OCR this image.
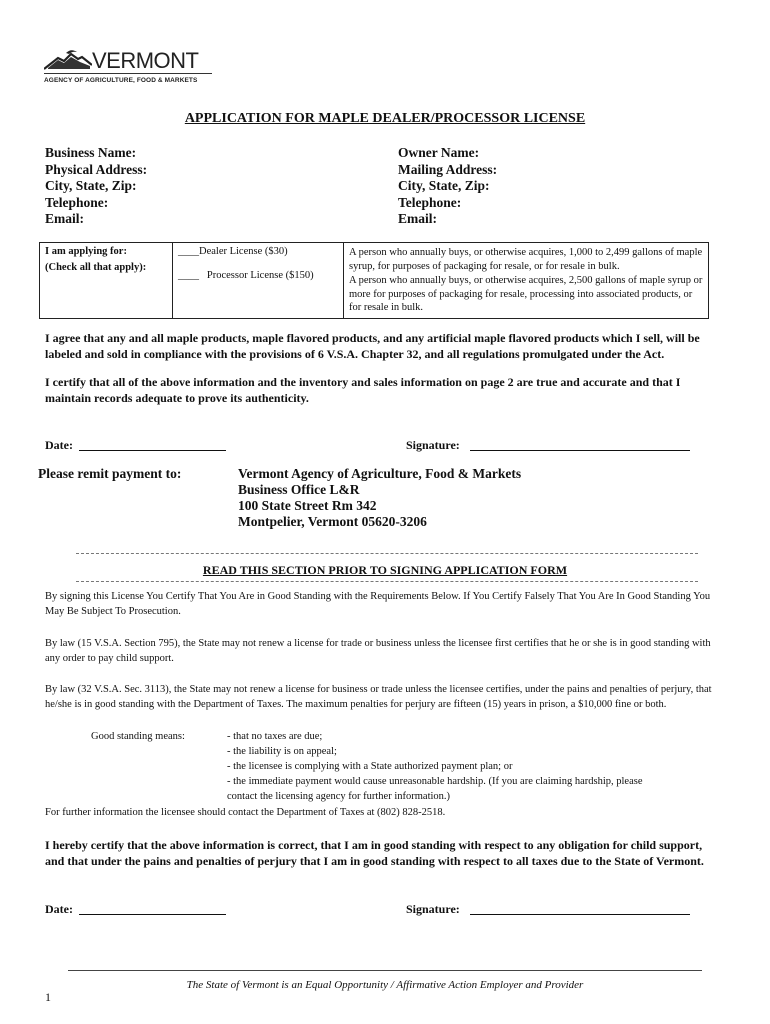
VERMONT
AGENCY OF AGRICULTURE, FOOD & MARKETS
APPLICATION FOR MAPLE DEALER/PROCESSOR LICENSE
Business Name:
Physical Address:
City, State, Zip:
Telephone:
Email:
Owner Name:
Mailing Address:
City, State, Zip:
Telephone:
Email:
I am applying for:
(Check all that apply):

____Dealer License ($30)
____ Processor License ($150)

A person who annually buys, or otherwise acquires, 1,000 to 2,499 gallons of maple syrup, for purposes of packaging for resale, or for resale in bulk.
A person who annually buys, or otherwise acquires, 2,500 gallons of maple syrup or more for purposes of packaging for resale, processing into associated products, or for resale in bulk.
I agree that any and all maple products, maple flavored products, and any artificial maple flavored products which I sell, will be labeled and sold in compliance with the provisions of 6 V.S.A. Chapter 32, and all regulations promulgated under the Act.
I certify that all of the above information and the inventory and sales information on page 2 are true and accurate and that I maintain records adequate to prove its authenticity.
Date:	Signature:
Please remit payment to:	Vermont Agency of Agriculture, Food & Markets
Business Office L&R
100 State Street Rm 342
Montpelier, Vermont 05620-3206
READ THIS SECTION PRIOR TO SIGNING APPLICATION FORM
By signing this License You Certify That You Are in Good Standing with the Requirements Below. If You Certify Falsely That You Are In Good Standing You May Be Subject To Prosecution.
By law (15 V.S.A. Section 795), the State may not renew a license for trade or business unless the licensee first certifies that he or she is in good standing with any order to pay child support.
By law (32 V.S.A. Sec. 3113), the State may not renew a license for business or trade unless the licensee certifies, under the pains and penalties of perjury, that he/she is in good standing with the Department of Taxes. The maximum penalties for perjury are fifteen (15) years in prison, a $10,000 fine or both.
Good standing means:	- that no taxes are due;
- the liability is on appeal;
- the licensee is complying with a State authorized payment plan; or
- the immediate payment would cause unreasonable hardship. (If you are claiming hardship, please contact the licensing agency for further information.)
For further information the licensee should contact the Department of Taxes at (802) 828-2518.
I hereby certify that the above information is correct, that I am in good standing with respect to any obligation for child support, and that under the pains and penalties of perjury that I am in good standing with respect to all taxes due to the State of Vermont.
Date:	Signature:
The State of Vermont is an Equal Opportunity / Affirmative Action Employer and Provider
1
